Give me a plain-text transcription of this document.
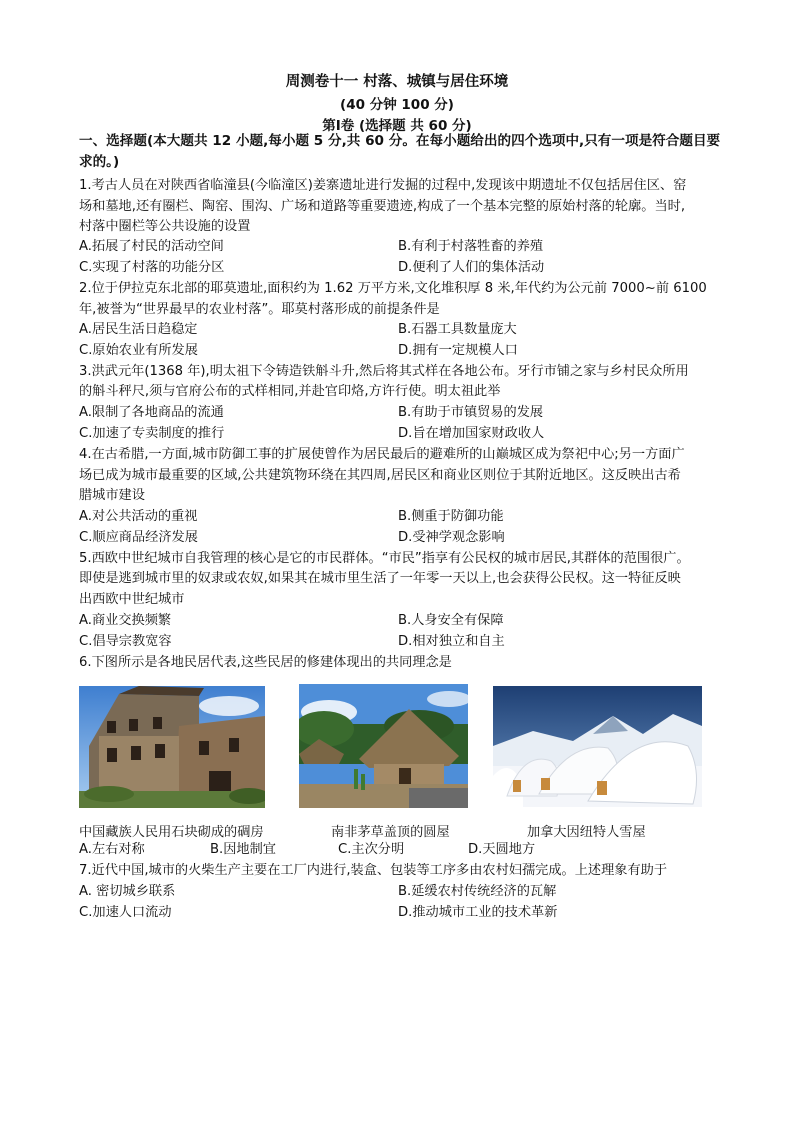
周测卷十一 村落、城镇与居住环境
(40 分钟 100 分)
第Ⅰ卷 (选择题 共 60 分)
一、选择题(本大题共 12 小题,每小题 5 分,共 60 分。在每小题给出的四个选项中,只有一项是符合题目要
求的。)
1.考古人员在对陕西省临潼县(今临潼区)姜寨遗址进行发掘的过程中,发现该中期遗址不仅包括居住区、窑
场和墓地,还有圈栏、陶窑、围沟、广场和道路等重要遗迹,构成了一个基本完整的原始村落的轮廓。当时,
村落中圈栏等公共设施的设置
A.拓展了村民的活动空间	B.有利于村落牲畜的养殖
C.实现了村落的功能分区	D.便利了人们的集体活动
2.位于伊拉克东北部的耶莫遗址,面积约为 1.62 万平方米,文化堆积厚 8 米,年代约为公元前 7000~前 6100
年,被誉为“世界最早的农业村落”。耶莫村落形成的前提条件是
A.居民生活日趋稳定	B.石器工具数量庞大
C.原始农业有所发展	D.拥有一定规模人口
3.洪武元年(1368 年),明太祖下令铸造铁斛斗升,然后将其式样在各地公布。牙行市铺之家与乡村民众所用
的斛斗秤尺,须与官府公布的式样相同,并赴官印烙,方许行使。明太祖此举
A.限制了各地商品的流通	B.有助于市镇贸易的发展
C.加速了专卖制度的推行	D.旨在增加国家财政收人
4.在古希腊,一方面,城市防御工事的扩展使曾作为居民最后的避难所的山巅城区成为祭祀中心;另一方面广
场已成为城市最重要的区域,公共建筑物环绕在其四周,居民区和商业区则位于其附近地区。这反映出古希
腊城市建设
A.对公共活动的重视	B.侧重于防御功能
C.顺应商品经济发展	D.受神学观念影响
5.西欧中世纪城市自我管理的核心是它的市民群体。“市民”指享有公民权的城市居民,其群体的范围很广。
即使是逃到城市里的奴隶或农奴,如果其在城市里生活了一年零一天以上,也会获得公民权。这一特征反映
出西欧中世纪城市
A.商业交换频繁	B.人身安全有保障
C.倡导宗教宽容	D.相对独立和自主
6.下图所示是各地民居代表,这些民居的修建体现出的共同理念是
中国藏族人民用石块砌成的碉房	南非茅草盖顶的圆屋	加拿大因纽特人雪屋
A.左右对称	B.因地制宜	C.主次分明	D.天圆地方
7.近代中国,城市的火柴生产主要在工厂内进行,装盒、包装等工序多由农村妇孺完成。上述理象有助于
A. 密切城乡联系	B.延缓农村传统经济的瓦解
C.加速人口流动	D.推动城市工业的技术革新
